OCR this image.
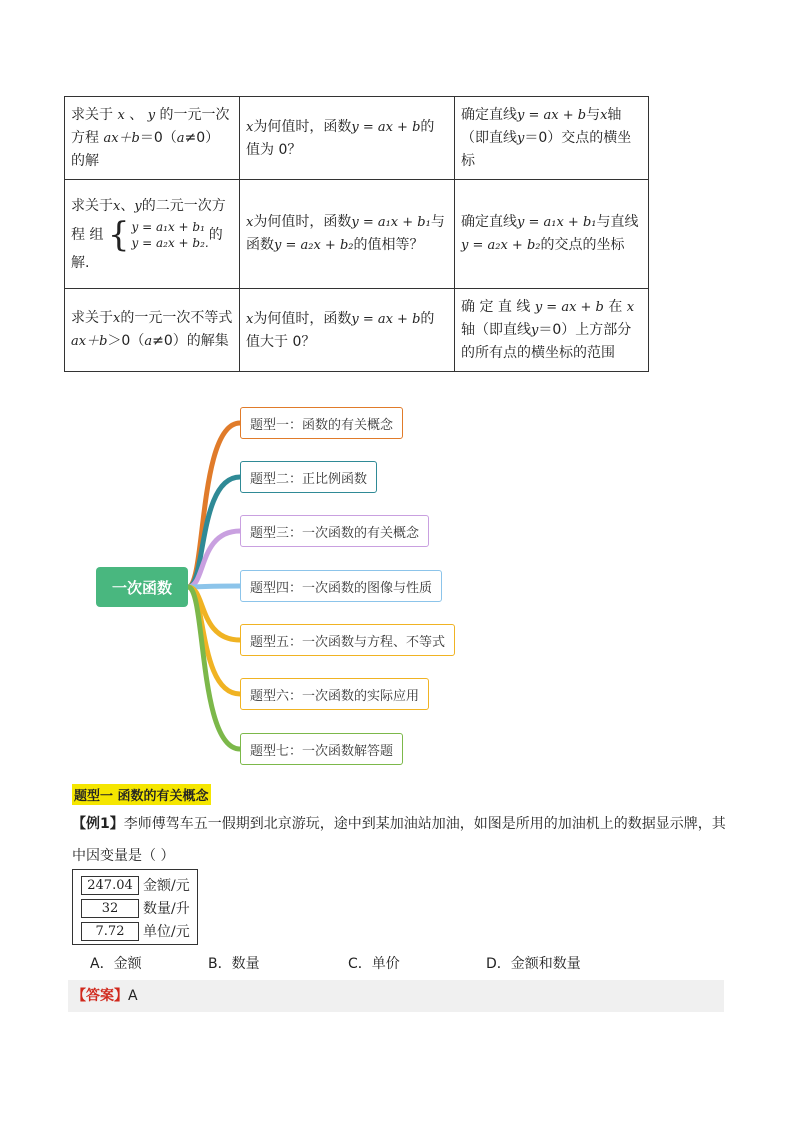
求关于 x 、 y 的一元一次方程 ax＋b＝0（a≠0）的解	x为何值时，函数y = ax + b的值为 0？	确定直线y = ax + b与x轴（即直线y＝0）交点的横坐标
求关于x、y的二元一次方 程 组 { y = a₁x + b₁
y = a₂x + b₂. 的解.	x为何值时，函数y = a₁x + b₁与函数y = a₂x + b₂的值相等？	确定直线y = a₁x + b₁与直线y = a₂x + b₂的交点的坐标
求关于x的一元一次不等式ax＋b＞0（a≠0）的解集	x为何值时，函数y = ax + b的值大于 0？	确 定 直 线 y = ax + b 在 x轴（即直线y＝0）上方部分的所有点的横坐标的范围
一次函数
题型一：函数的有关概念
题型二：正比例函数
题型三：一次函数的有关概念
题型四：一次函数的图像与性质
题型五：一次函数与方程、不等式
题型六：一次函数的实际应用
题型七：一次函数解答题
题型一 函数的有关概念
【例1】李师傅驾车五一假期到北京游玩，途中到某加油站加油，如图是所用的加油机上的数据显示牌，其中因变量是（ ）
247.04 金额/元
32	数量/升
7.72	单位/元
A．金额	B．数量	C．单价	D．金额和数量
【答案】A
